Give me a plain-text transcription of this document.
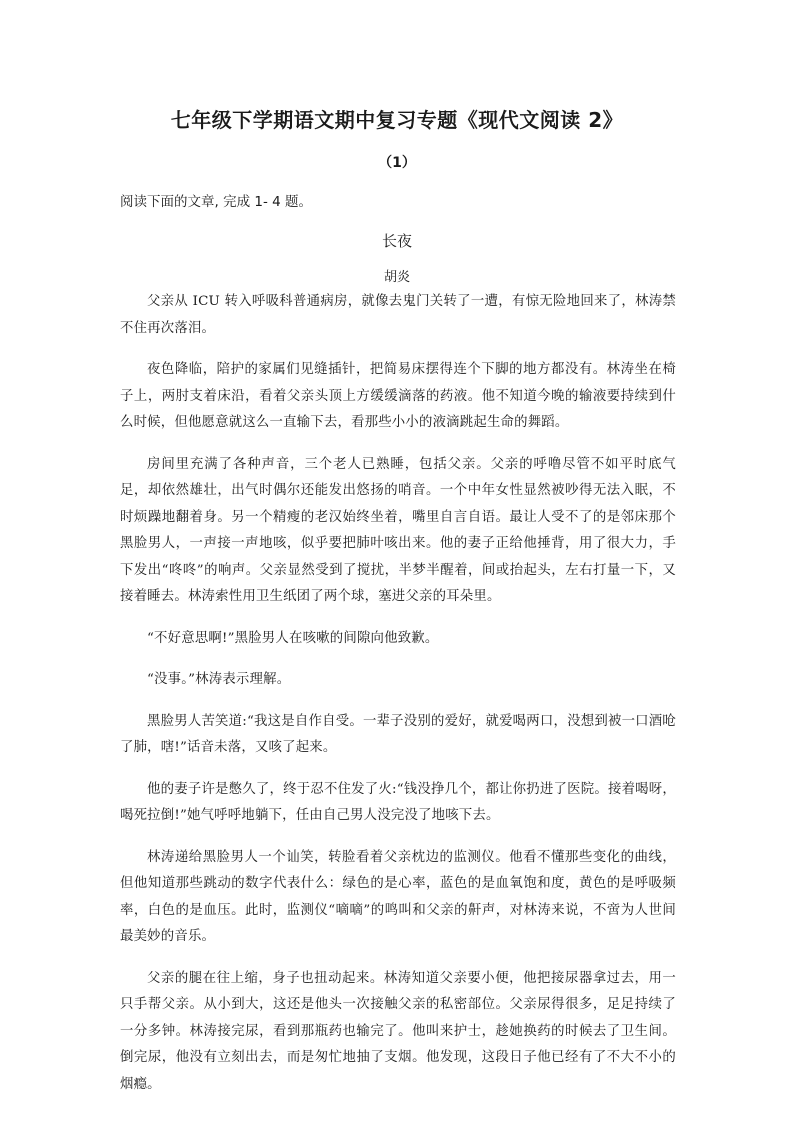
七年级下学期语文期中复习专题《现代文阅读 2》
（1）
阅读下面的文章, 完成 1- 4 题。
长夜
胡炎

父亲从 ICU 转入呼吸科普通病房，就像去鬼门关转了一遭，有惊无险地回来了，林涛禁不住再次落泪。

夜色降临，陪护的家属们见缝插针，把简易床摆得连个下脚的地方都没有。林涛坐在椅子上，两肘支着床沿，看着父亲头顶上方缓缓滴落的药液。他不知道今晚的输液要持续到什么时候，但他愿意就这么一直输下去，看那些小小的液滴跳起生命的舞蹈。

房间里充满了各种声音，三个老人已熟睡，包括父亲。父亲的呼噜尽管不如平时底气足，却依然雄壮，出气时偶尔还能发出悠扬的哨音。一个中年女性显然被吵得无法入眠，不时烦躁地翻着身。另一个精瘦的老汉始终坐着，嘴里自言自语。最让人受不了的是邻床那个黑脸男人，一声接一声地咳，似乎要把肺叶咳出来。他的妻子正给他捶背，用了很大力，手下发出“咚咚”的响声。父亲显然受到了搅扰，半梦半醒着，间或抬起头，左右打量一下，又接着睡去。林涛索性用卫生纸团了两个球，塞进父亲的耳朵里。

“不好意思啊!”黑脸男人在咳嗽的间隙向他致歉。

“没事。”林涛表示理解。

黑脸男人苦笑道:“我这是自作自受。一辈子没别的爱好，就爱喝两口，没想到被一口酒呛了肺，嗐!”话音未落，又咳了起来。

他的妻子许是憋久了，终于忍不住发了火:“钱没挣几个，都让你扔进了医院。接着喝呀，喝死拉倒!”她气呼呼地躺下，任由自己男人没完没了地咳下去。

林涛递给黑脸男人一个讪笑，转脸看着父亲枕边的监测仪。他看不懂那些变化的曲线，但他知道那些跳动的数字代表什么：绿色的是心率，蓝色的是血氧饱和度，黄色的是呼吸频率，白色的是血压。此时，监测仪“嘀嘀”的鸣叫和父亲的鼾声，对林涛来说，不啻为人世间最美妙的音乐。

父亲的腿在往上缩，身子也扭动起来。林涛知道父亲要小便，他把接尿器拿过去，用一只手帮父亲。从小到大，这还是他头一次接触父亲的私密部位。父亲尿得很多，足足持续了一分多钟。林涛接完尿，看到那瓶药也输完了。他叫来护士，趁她换药的时候去了卫生间。倒完尿，他没有立刻出去，而是匆忙地抽了支烟。他发现，这段日子他已经有了不大不小的烟瘾。
